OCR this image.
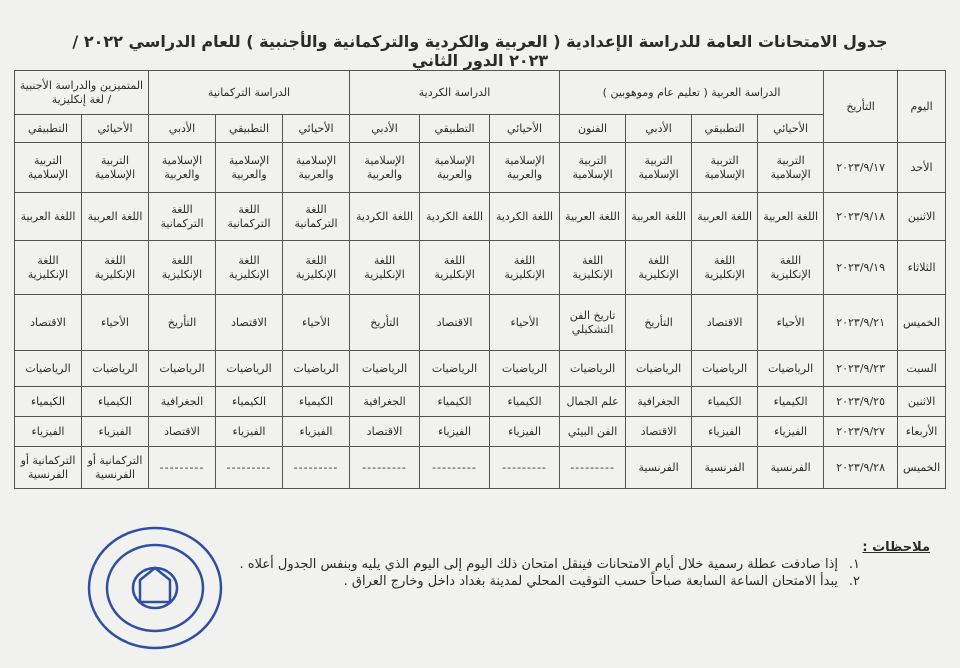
جدول الامتحانات العامة للدراسة الإعدادية ( العربية والكردية والتركمانية والأجنبية ) للعام الدراسي ٢٠٢٢ / ٢٠٢٣ الدور الثاني
اليوم	التأريخ	الدراسة العربية ( تعليم عام وموهوبين )				الدراسة الكردية			الدراسة التركمانية			المتميزين والدراسة الأجنبية / لغة إنكليزية	
		الأحيائي	التطبيقي	الأدبي	الفنون	الأحيائي	التطبيقي	الأدبي	الأحيائي	التطبيقي	الأدبي	الأحيائي	التطبيقي
الأحد	٢٠٢٣/٩/١٧	التربية الإسلامية	التربية الإسلامية	التربية الإسلامية	التربية الإسلامية	الإسلامية والعربية	الإسلامية والعربية	الإسلامية والعربية	الإسلامية والعربية	الإسلامية والعربية	الإسلامية والعربية	التربية الإسلامية	التربية الإسلامية
الاثنين	٢٠٢٣/٩/١٨	اللغة العربية	اللغة العربية	اللغة العربية	اللغة العربية	اللغة الكردية	اللغة الكردية	اللغة الكردية	اللغة التركمانية	اللغة التركمانية	اللغة التركمانية	اللغة العربية	اللغة العربية
الثلاثاء	٢٠٢٣/٩/١٩	اللغة الإنكليزية	اللغة الإنكليزية	اللغة الإنكليزية	اللغة الإنكليزية	اللغة الإنكليزية	اللغة الإنكليزية	اللغة الإنكليزية	اللغة الإنكليزية	اللغة الإنكليزية	اللغة الإنكليزية	اللغة الإنكليزية	اللغة الإنكليزية
الخميس	٢٠٢٣/٩/٢١	الأحياء	الاقتصاد	التأريخ	تاريخ الفن التشكيلي	الأحياء	الاقتصاد	التأريخ	الأحياء	الاقتصاد	التأريخ	الأحياء	الاقتصاد
السبت	٢٠٢٣/٩/٢٣	الرياضيات	الرياضيات	الرياضيات	الرياضيات	الرياضيات	الرياضيات	الرياضيات	الرياضيات	الرياضيات	الرياضيات	الرياضيات	الرياضيات
الاثنين	٢٠٢٣/٩/٢٥	الكيمياء	الكيمياء	الجغرافية	علم الجمال	الكيمياء	الكيمياء	الجغرافية	الكيمياء	الكيمياء	الجغرافية	الكيمياء	الكيمياء
الأربعاء	٢٠٢٣/٩/٢٧	الفيزياء	الفيزياء	الاقتصاد	الفن البيئي	الفيزياء	الفيزياء	الاقتصاد	الفيزياء	الفيزياء	الاقتصاد	الفيزياء	الفيزياء
الخميس	٢٠٢٣/٩/٢٨	الفرنسية	الفرنسية	الفرنسية	---------	---------	---------	---------	---------	---------	---------	التركمانية أو الفرنسية	التركمانية أو الفرنسية
ملاحظات :
١.إذا صادفت عطلة رسمية خلال أيام الامتحانات فينقل امتحان ذلك اليوم إلى اليوم الذي يليه وبنفس الجدول أعلاه .
٢.يبدأ الامتحان الساعة السابعة صباحاً حسب التوقيت المحلي لمدينة بغداد داخل وخارج العراق .
